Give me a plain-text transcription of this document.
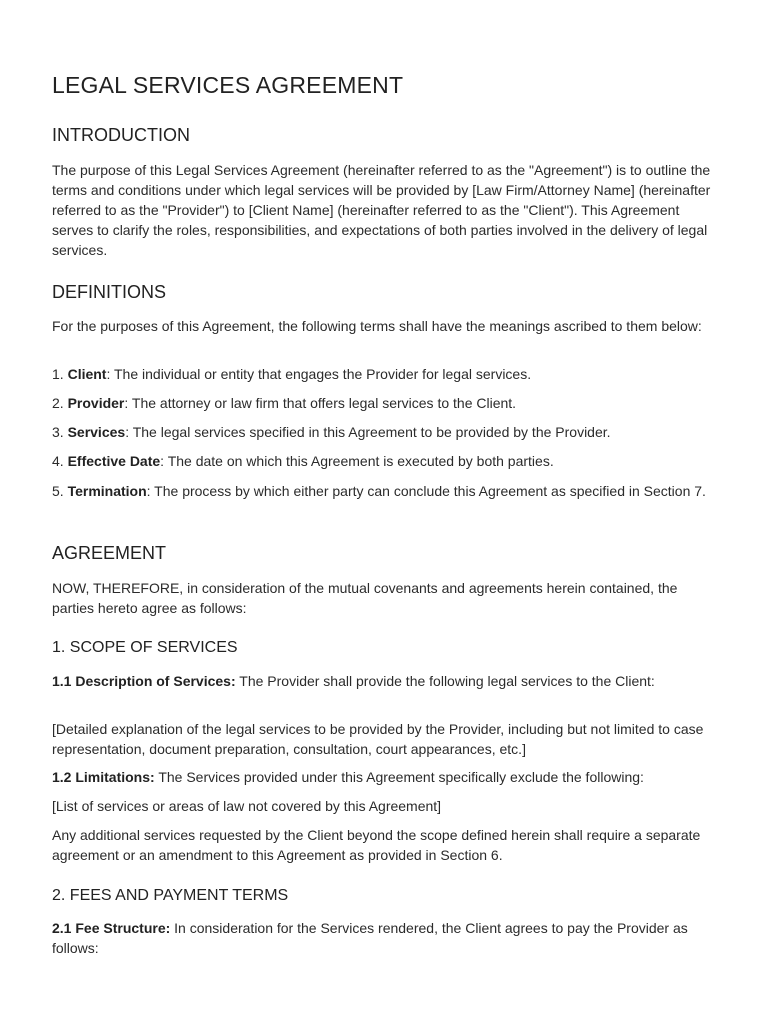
LEGAL SERVICES AGREEMENT
INTRODUCTION

The purpose of this Legal Services Agreement (hereinafter referred to as the "Agreement") is to outline the terms and conditions under which legal services will be provided by [Law Firm/Attorney Name] (hereinafter referred to as the "Provider") to [Client Name] (hereinafter referred to as the "Client"). This Agreement serves to clarify the roles, responsibilities, and expectations of both parties involved in the delivery of legal services.

DEFINITIONS

For the purposes of this Agreement, the following terms shall have the meanings ascribed to them below:

1. Client: The individual or entity that engages the Provider for legal services.

2. Provider: The attorney or law firm that offers legal services to the Client.

3. Services: The legal services specified in this Agreement to be provided by the Provider.

4. Effective Date: The date on which this Agreement is executed by both parties.

5. Termination: The process by which either party can conclude this Agreement as specified in Section 7.

AGREEMENT

NOW, THEREFORE, in consideration of the mutual covenants and agreements herein contained, the parties hereto agree as follows:

1. SCOPE OF SERVICES

1.1 Description of Services: The Provider shall provide the following legal services to the Client:

[Detailed explanation of the legal services to be provided by the Provider, including but not limited to case representation, document preparation, consultation, court appearances, etc.]

1.2 Limitations: The Services provided under this Agreement specifically exclude the following:

[List of services or areas of law not covered by this Agreement]

Any additional services requested by the Client beyond the scope defined herein shall require a separate agreement or an amendment to this Agreement as provided in Section 6.

2. FEES AND PAYMENT TERMS

2.1 Fee Structure: In consideration for the Services rendered, the Client agrees to pay the Provider as follows:
